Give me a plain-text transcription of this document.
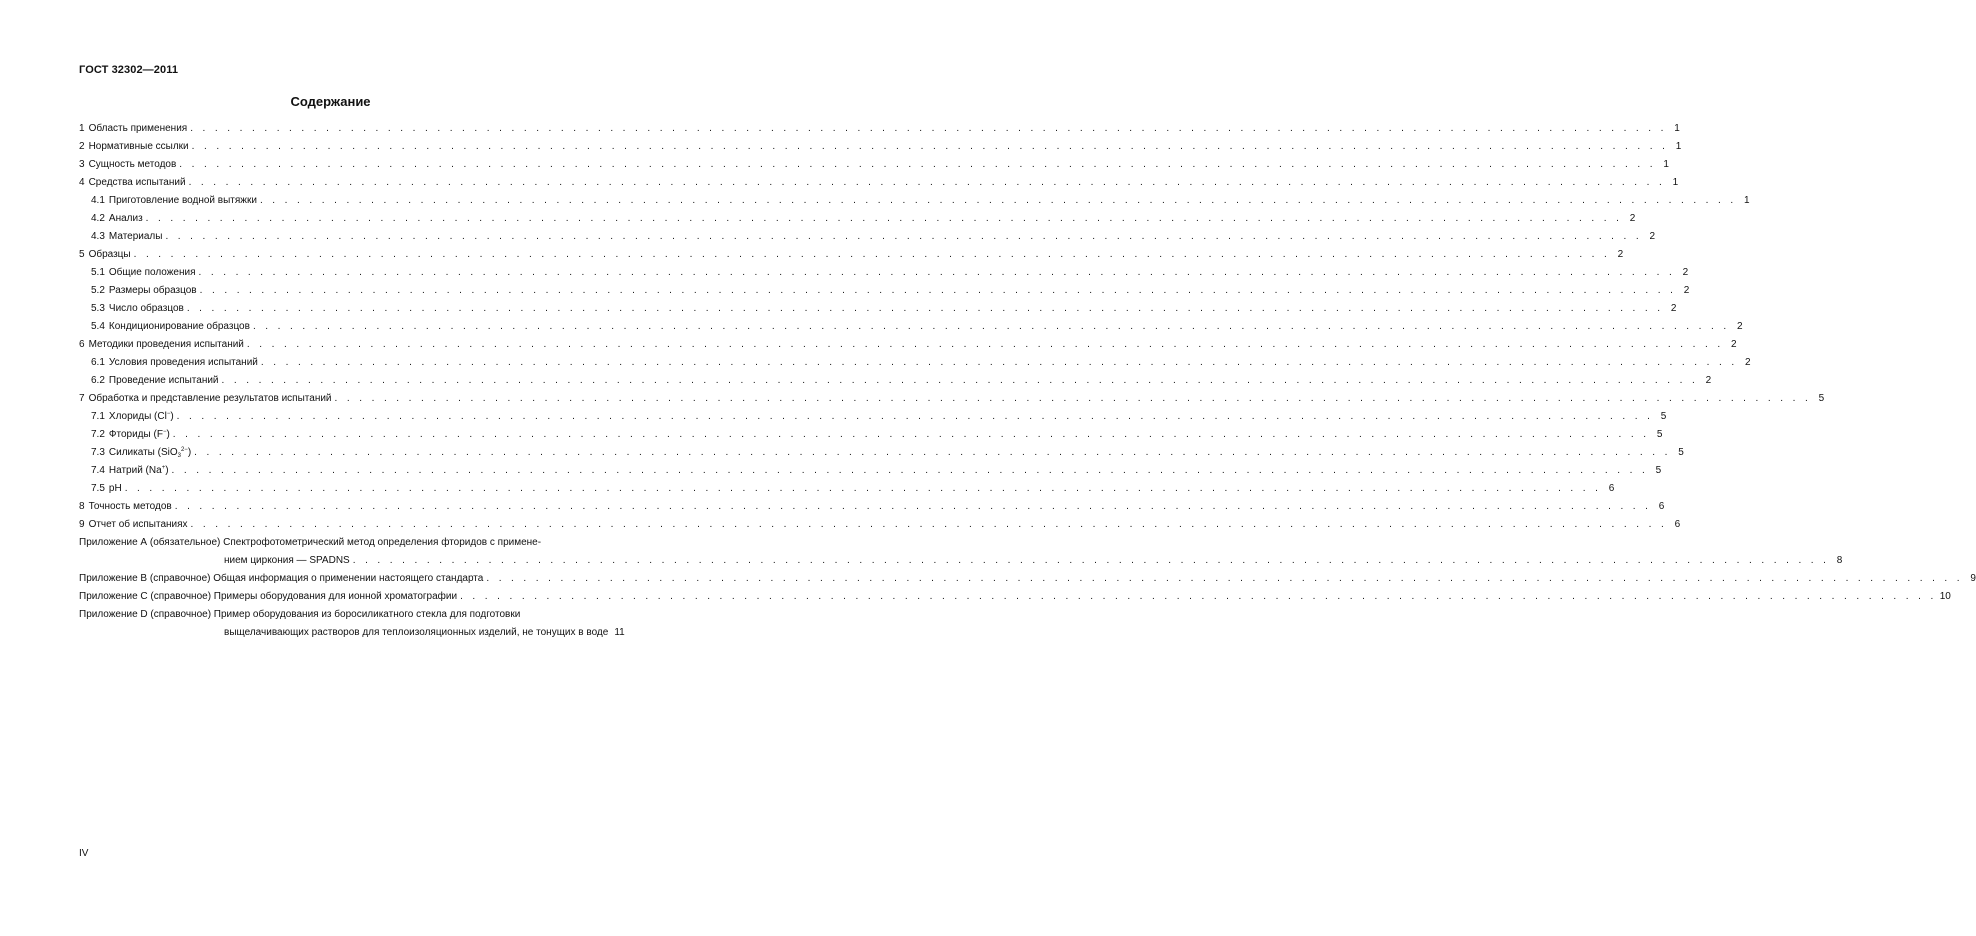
ГОСТ 32302—2011
Содержание
1 Область применения . . . . . . . . . . . . . . . . . . . . . . . . . . . . . . . . . . . . . . . . . . . . . . . . . . . . . . . . . . . . . . . . . . . . . . . . . . . . . . . . . . . . . . . . . . . . . . . . . . . . . . . . . . . . . . . . . . . . . . . . 1
2 Нормативные ссылки . . . . . . . . . . . . . . . . . . . . . . . . . . . . . . . . . . . . . . . . . . . . . . . . . . . . . . . . . . . . . . . . . . . . . . . . . . . . . . . . . . . . . . . . . . . . . . . . . . . . . . . . . . . . . . . . . . . . . . . . 1
3 Сущность методов . . . . . . . . . . . . . . . . . . . . . . . . . . . . . . . . . . . . . . . . . . . . . . . . . . . . . . . . . . . . . . . . . . . . . . . . . . . . . . . . . . . . . . . . . . . . . . . . . . . . . . . . . . . . . . . . . . . . . . . . 1
4 Средства испытаний . . . . . . . . . . . . . . . . . . . . . . . . . . . . . . . . . . . . . . . . . . . . . . . . . . . . . . . . . . . . . . . . . . . . . . . . . . . . . . . . . . . . . . . . . . . . . . . . . . . . . . . . . . . . . . . . . . . . . . . . 1
4.1 Приготовление водной вытяжки . . . . . . . . . . . . . . . . . . . . . . . . . . . . . . . . . . . . . . . . . . . . . . . . . . . . . . . . . . . . . . . . . . . . . . . . . . . . . . . . . . . . . . . . . . . . . . . . . . . . . . . . . . . . . . . . . . . . . . . . 1
4.2 Анализ . . . . . . . . . . . . . . . . . . . . . . . . . . . . . . . . . . . . . . . . . . . . . . . . . . . . . . . . . . . . . . . . . . . . . . . . . . . . . . . . . . . . . . . . . . . . . . . . . . . . . . . . . . . . . . . . . . . . . . . . 2
4.3 Материалы . . . . . . . . . . . . . . . . . . . . . . . . . . . . . . . . . . . . . . . . . . . . . . . . . . . . . . . . . . . . . . . . . . . . . . . . . . . . . . . . . . . . . . . . . . . . . . . . . . . . . . . . . . . . . . . . . . . . . . . . 2
5 Образцы . . . . . . . . . . . . . . . . . . . . . . . . . . . . . . . . . . . . . . . . . . . . . . . . . . . . . . . . . . . . . . . . . . . . . . . . . . . . . . . . . . . . . . . . . . . . . . . . . . . . . . . . . . . . . . . . . . . . . . . . 2
5.1 Общие положения . . . . . . . . . . . . . . . . . . . . . . . . . . . . . . . . . . . . . . . . . . . . . . . . . . . . . . . . . . . . . . . . . . . . . . . . . . . . . . . . . . . . . . . . . . . . . . . . . . . . . . . . . . . . . . . . . . . . . . . . 2
5.2 Размеры образцов . . . . . . . . . . . . . . . . . . . . . . . . . . . . . . . . . . . . . . . . . . . . . . . . . . . . . . . . . . . . . . . . . . . . . . . . . . . . . . . . . . . . . . . . . . . . . . . . . . . . . . . . . . . . . . . . . . . . . . . . 2
5.3 Число образцов . . . . . . . . . . . . . . . . . . . . . . . . . . . . . . . . . . . . . . . . . . . . . . . . . . . . . . . . . . . . . . . . . . . . . . . . . . . . . . . . . . . . . . . . . . . . . . . . . . . . . . . . . . . . . . . . . . . . . . . . 2
5.4 Кондиционирование образцов . . . . . . . . . . . . . . . . . . . . . . . . . . . . . . . . . . . . . . . . . . . . . . . . . . . . . . . . . . . . . . . . . . . . . . . . . . . . . . . . . . . . . . . . . . . . . . . . . . . . . . . . . . . . . . . . . . . . . . . . 2
6 Методики проведения испытаний . . . . . . . . . . . . . . . . . . . . . . . . . . . . . . . . . . . . . . . . . . . . . . . . . . . . . . . . . . . . . . . . . . . . . . . . . . . . . . . . . . . . . . . . . . . . . . . . . . . . . . . . . . . . . . . . . . . . . . . . 2
6.1 Условия проведения испытаний . . . . . . . . . . . . . . . . . . . . . . . . . . . . . . . . . . . . . . . . . . . . . . . . . . . . . . . . . . . . . . . . . . . . . . . . . . . . . . . . . . . . . . . . . . . . . . . . . . . . . . . . . . . . . . . . . . . . . . . . 2
6.2 Проведение испытаний . . . . . . . . . . . . . . . . . . . . . . . . . . . . . . . . . . . . . . . . . . . . . . . . . . . . . . . . . . . . . . . . . . . . . . . . . . . . . . . . . . . . . . . . . . . . . . . . . . . . . . . . . . . . . . . . . . . . . . . . 2
7 Обработка и представление результатов испытаний . . . . . . . . . . . . . . . . . . . . . . . . . . . . . . . . . . . . . . . . . . . . . . . . . . . . . . . . . . . . . . . . . . . . . . . . . . . . . . . . . . . . . . . . . . . . . . . . . . . . . . . . . . . . . . . . . . . . . . . . 5
7.1 Хлориды (Cl−) . . . . . . . . . . . . . . . . . . . . . . . . . . . . . . . . . . . . . . . . . . . . . . . . . . . . . . . . . . . . . . . . . . . . . . . . . . . . . . . . . . . . . . . . . . . . . . . . . . . . . . . . . . . . . . . . . . . . . . . . 5
7.2 Фториды (F−) . . . . . . . . . . . . . . . . . . . . . . . . . . . . . . . . . . . . . . . . . . . . . . . . . . . . . . . . . . . . . . . . . . . . . . . . . . . . . . . . . . . . . . . . . . . . . . . . . . . . . . . . . . . . . . . . . . . . . . . . 5
7.3 Силикаты (SiO$_3^{2-}$) . . . . . . . . . . . . . . . . . . . . . . . . . . . . . . . . . . . . . . . . . . . . . . . . . . . . . . . . . . . . . . . . . . . . . . . . . . . . . . . . . . . . . . . . . . . . . . . . . . . . . . . . . . . . . . . . . . . . . . . . 5
7.4 Натрий (Na+) . . . . . . . . . . . . . . . . . . . . . . . . . . . . . . . . . . . . . . . . . . . . . . . . . . . . . . . . . . . . . . . . . . . . . . . . . . . . . . . . . . . . . . . . . . . . . . . . . . . . . . . . . . . . . . . . . . . . . . . . 5
7.5 pH . . . . . . . . . . . . . . . . . . . . . . . . . . . . . . . . . . . . . . . . . . . . . . . . . . . . . . . . . . . . . . . . . . . . . . . . . . . . . . . . . . . . . . . . . . . . . . . . . . . . . . . . . . . . . . . . . . . . . . . . 6
8 Точность методов . . . . . . . . . . . . . . . . . . . . . . . . . . . . . . . . . . . . . . . . . . . . . . . . . . . . . . . . . . . . . . . . . . . . . . . . . . . . . . . . . . . . . . . . . . . . . . . . . . . . . . . . . . . . . . . . . . . . . . . . 6
9 Отчет об испытаниях . . . . . . . . . . . . . . . . . . . . . . . . . . . . . . . . . . . . . . . . . . . . . . . . . . . . . . . . . . . . . . . . . . . . . . . . . . . . . . . . . . . . . . . . . . . . . . . . . . . . . . . . . . . . . . . . . . . . . . . . 6
Приложение А (обязательное) Спектрофотометрический метод определения фторидов с примене-
нием циркония — SPADNS . . . . . . . . . . . . . . . . . . . . . . . . . . . . . . . . . . . . . . . . . . . . . . . . . . . . . . . . . . . . . . . . . . . . . . . . . . . . . . . . . . . . . . . . . . . . . . . . . . . . . . . . . . . . . . . . . . . . . . . . 8
Приложение В (справочное) Общая информация о применении настоящего стандарта . . . . . . . . . . . . . . . . . . . . . . . . . . . . . . . . . . . . . . . . . . . . . . . . . . . . . . . . . . . . . . . . . . . . . . . . . . . . . . . . . . . . . . . . . . . . . . . . . . . . . . . . . . . . . . . . . . . . . . . . 9
Приложение С (справочное) Примеры оборудования для ионной хроматографии . . . . . . . . . . . . . . . . . . . . . . . . . . . . . . . . . . . . . . . . . . . . . . . . . . . . . . . . . . . . . . . . . . . . . . . . . . . . . . . . . . . . . . . . . . . . . . . . . . . . . . . . . . . . . . . . . . . . . . . . 10
Приложение D (справочное) Пример оборудования из боросиликатного стекла для подготовки
выщелачивающих растворов для теплоизоляционных изделий, не тонущих в воде 11
IV
